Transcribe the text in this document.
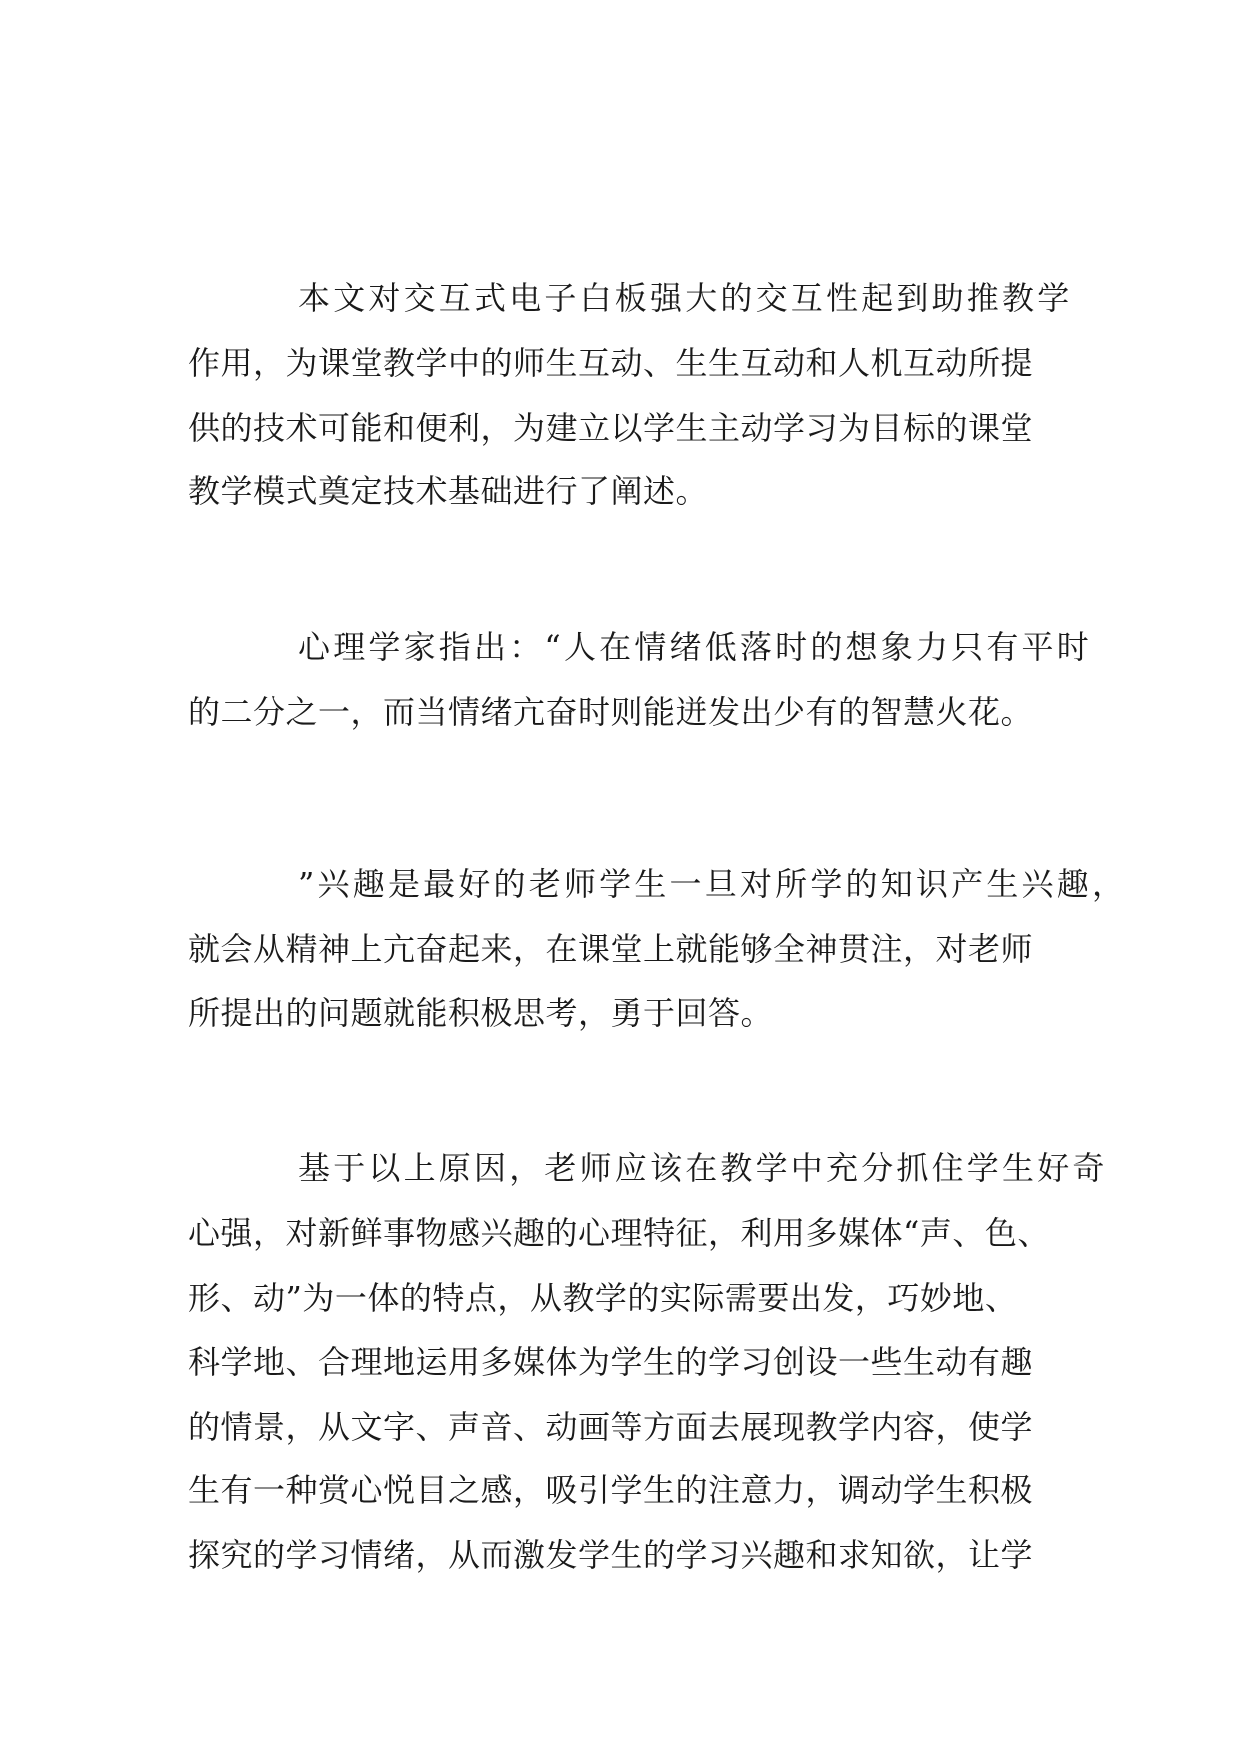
本文对交互式电子白板强大的交互性起到助推教学

作用，为课堂教学中的师生互动、生生互动和人机互动所提

供的技术可能和便利，为建立以学生主动学习为目标的课堂

教学模式奠定技术基础进行了阐述。

心理学家指出：“人在情绪低落时的想象力只有平时

的二分之一，而当情绪亢奋时则能迸发出少有的智慧火花。

”兴趣是最好的老师学生一旦对所学的知识产生兴趣，

就会从精神上亢奋起来，在课堂上就能够全神贯注，对老师

所提出的问题就能积极思考，勇于回答。

基于以上原因，老师应该在教学中充分抓住学生好奇

心强，对新鲜事物感兴趣的心理特征，利用多媒体“声、色、

形、动”为一体的特点，从教学的实际需要出发，巧妙地、

科学地、合理地运用多媒体为学生的学习创设一些生动有趣

的情景，从文字、声音、动画等方面去展现教学内容，使学

生有一种赏心悦目之感，吸引学生的注意力，调动学生积极

探究的学习情绪，从而激发学生的学习兴趣和求知欲，让学
